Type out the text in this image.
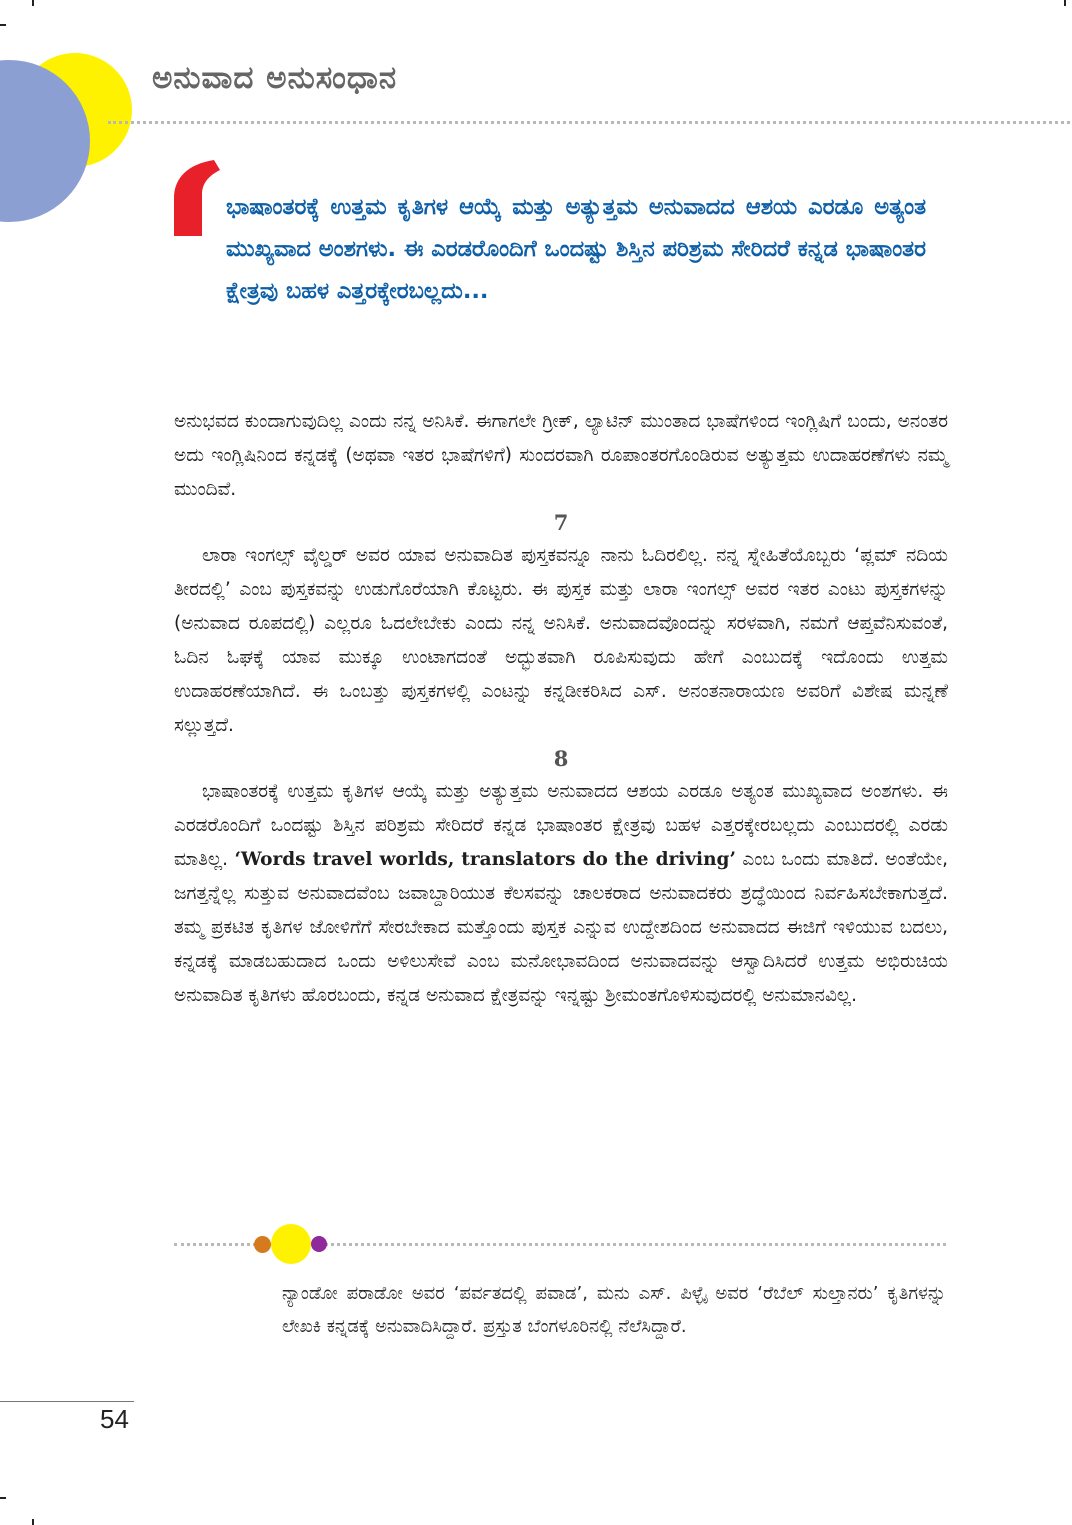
ಅನುವಾದ ಅನುಸಂಧಾನ
ಭಾಷಾಂತರಕ್ಕೆ ಉತ್ತಮ ಕೃತಿಗಳ ಆಯ್ಕೆ ಮತ್ತು ಅತ್ಯುತ್ತಮ ಅನುವಾದದ ಆಶಯ ಎರಡೂ ಅತ್ಯಂತ ಮುಖ್ಯವಾದ ಅಂಶಗಳು. ಈ ಎರಡರೊಂದಿಗೆ ಒಂದಷ್ಟು ಶಿಸ್ತಿನ ಪರಿಶ್ರಮ ಸೇರಿದರೆ ಕನ್ನಡ ಭಾಷಾಂತರ ಕ್ಷೇತ್ರವು ಬಹಳ ಎತ್ತರಕ್ಕೇರಬಲ್ಲದು...

ಅನುಭವದ ಕುಂದಾಗುವುದಿಲ್ಲ ಎಂದು ನನ್ನ ಅನಿಸಿಕೆ. ಈಗಾಗಲೇ ಗ್ರೀಕ್, ಲ್ಯಾಟಿನ್ ಮುಂತಾದ ಭಾಷೆಗಳಿಂದ ಇಂಗ್ಲಿಷಿಗೆ ಬಂದು, ಅನಂತರ ಅದು ಇಂಗ್ಲಿಷಿನಿಂದ ಕನ್ನಡಕ್ಕೆ (ಅಥವಾ ಇತರ ಭಾಷೆಗಳಿಗೆ) ಸುಂದರವಾಗಿ ರೂಪಾಂತರಗೊಂಡಿರುವ ಅತ್ಯುತ್ತಮ ಉದಾಹರಣೆಗಳು ನಮ್ಮ ಮುಂದಿವೆ.

7

ಲಾರಾ ಇಂಗಲ್ಸ್ ವೈಲ್ಡರ್ ಅವರ ಯಾವ ಅನುವಾದಿತ ಪುಸ್ತಕವನ್ನೂ ನಾನು ಓದಿರಲಿಲ್ಲ. ನನ್ನ ಸ್ನೇಹಿತೆಯೊಬ್ಬರು ‘ಪ್ಲಮ್ ನದಿಯ ತೀರದಲ್ಲಿ’ ಎಂಬ ಪುಸ್ತಕವನ್ನು ಉಡುಗೊರೆಯಾಗಿ ಕೊಟ್ಟರು. ಈ ಪುಸ್ತಕ ಮತ್ತು ಲಾರಾ ಇಂಗಲ್ಸ್ ಅವರ ಇತರ ಎಂಟು ಪುಸ್ತಕಗಳನ್ನು (ಅನುವಾದ ರೂಪದಲ್ಲಿ) ಎಲ್ಲರೂ ಓದಲೇಬೇಕು ಎಂದು ನನ್ನ ಅನಿಸಿಕೆ. ಅನುವಾದವೊಂದನ್ನು ಸರಳವಾಗಿ, ನಮಗೆ ಆಪ್ತವೆನಿಸುವಂತೆ, ಓದಿನ ಓಘಕ್ಕೆ ಯಾವ ಮುಕ್ಕೂ ಉಂಟಾಗದಂತೆ ಅದ್ಭುತವಾಗಿ ರೂಪಿಸುವುದು ಹೇಗೆ ಎಂಬುದಕ್ಕೆ ಇದೊಂದು ಉತ್ತಮ ಉದಾಹರಣೆಯಾಗಿದೆ. ಈ ಒಂಬತ್ತು ಪುಸ್ತಕಗಳಲ್ಲಿ ಎಂಟನ್ನು ಕನ್ನಡೀಕರಿಸಿದ ಎಸ್. ಅನಂತನಾರಾಯಣ ಅವರಿಗೆ ವಿಶೇಷ ಮನ್ನಣೆ ಸಲ್ಲುತ್ತದೆ.

8

ಭಾಷಾಂತರಕ್ಕೆ ಉತ್ತಮ ಕೃತಿಗಳ ಆಯ್ಕೆ ಮತ್ತು ಅತ್ಯುತ್ತಮ ಅನುವಾದದ ಆಶಯ ಎರಡೂ ಅತ್ಯಂತ ಮುಖ್ಯವಾದ ಅಂಶಗಳು. ಈ ಎರಡರೊಂದಿಗೆ ಒಂದಷ್ಟು ಶಿಸ್ತಿನ ಪರಿಶ್ರಮ ಸೇರಿದರೆ ಕನ್ನಡ ಭಾಷಾಂತರ ಕ್ಷೇತ್ರವು ಬಹಳ ಎತ್ತರಕ್ಕೇರಬಲ್ಲದು ಎಂಬುದರಲ್ಲಿ ಎರಡು ಮಾತಿಲ್ಲ. ‘Words travel worlds, translators do the driving’ ಎಂಬ ಒಂದು ಮಾತಿದೆ. ಅಂತೆಯೇ, ಜಗತ್ತನ್ನೆಲ್ಲ ಸುತ್ತುವ ಅನುವಾದವೆಂಬ ಜವಾಬ್ದಾರಿಯುತ ಕೆಲಸವನ್ನು ಚಾಲಕರಾದ ಅನುವಾದಕರು ಶ್ರದ್ಧೆಯಿಂದ ನಿರ್ವಹಿಸಬೇಕಾಗುತ್ತದೆ. ತಮ್ಮ ಪ್ರಕಟಿತ ಕೃತಿಗಳ ಜೋಳಿಗೆಗೆ ಸೇರಬೇಕಾದ ಮತ್ತೊಂದು ಪುಸ್ತಕ ಎನ್ನುವ ಉದ್ದೇಶದಿಂದ ಅನುವಾದದ ಈಜಿಗೆ ಇಳಿಯುವ ಬದಲು, ಕನ್ನಡಕ್ಕೆ ಮಾಡಬಹುದಾದ ಒಂದು ಅಳಿಲುಸೇವೆ ಎಂಬ ಮನೋಭಾವದಿಂದ ಅನುವಾದವನ್ನು ಆಸ್ವಾದಿಸಿದರೆ ಉತ್ತಮ ಅಭಿರುಚಿಯ ಅನುವಾದಿತ ಕೃತಿಗಳು ಹೊರಬಂದು, ಕನ್ನಡ ಅನುವಾದ ಕ್ಷೇತ್ರವನ್ನು ಇನ್ನಷ್ಟು ಶ್ರೀಮಂತಗೊಳಿಸುವುದರಲ್ಲಿ ಅನುಮಾನವಿಲ್ಲ.

ನ್ಯಾಂಡೋ ಪರಾಡೋ ಅವರ ‘ಪರ್ವತದಲ್ಲಿ ಪವಾಡ’, ಮನು ಎಸ್. ಪಿಳ್ಳೈ ಅವರ ‘ರೆಬೆಲ್ ಸುಲ್ತಾನರು’ ಕೃತಿಗಳನ್ನು ಲೇಖಕಿ ಕನ್ನಡಕ್ಕೆ ಅನುವಾದಿಸಿದ್ದಾರೆ. ಪ್ರಸ್ತುತ ಬೆಂಗಳೂರಿನಲ್ಲಿ ನೆಲೆಸಿದ್ದಾರೆ.
54
